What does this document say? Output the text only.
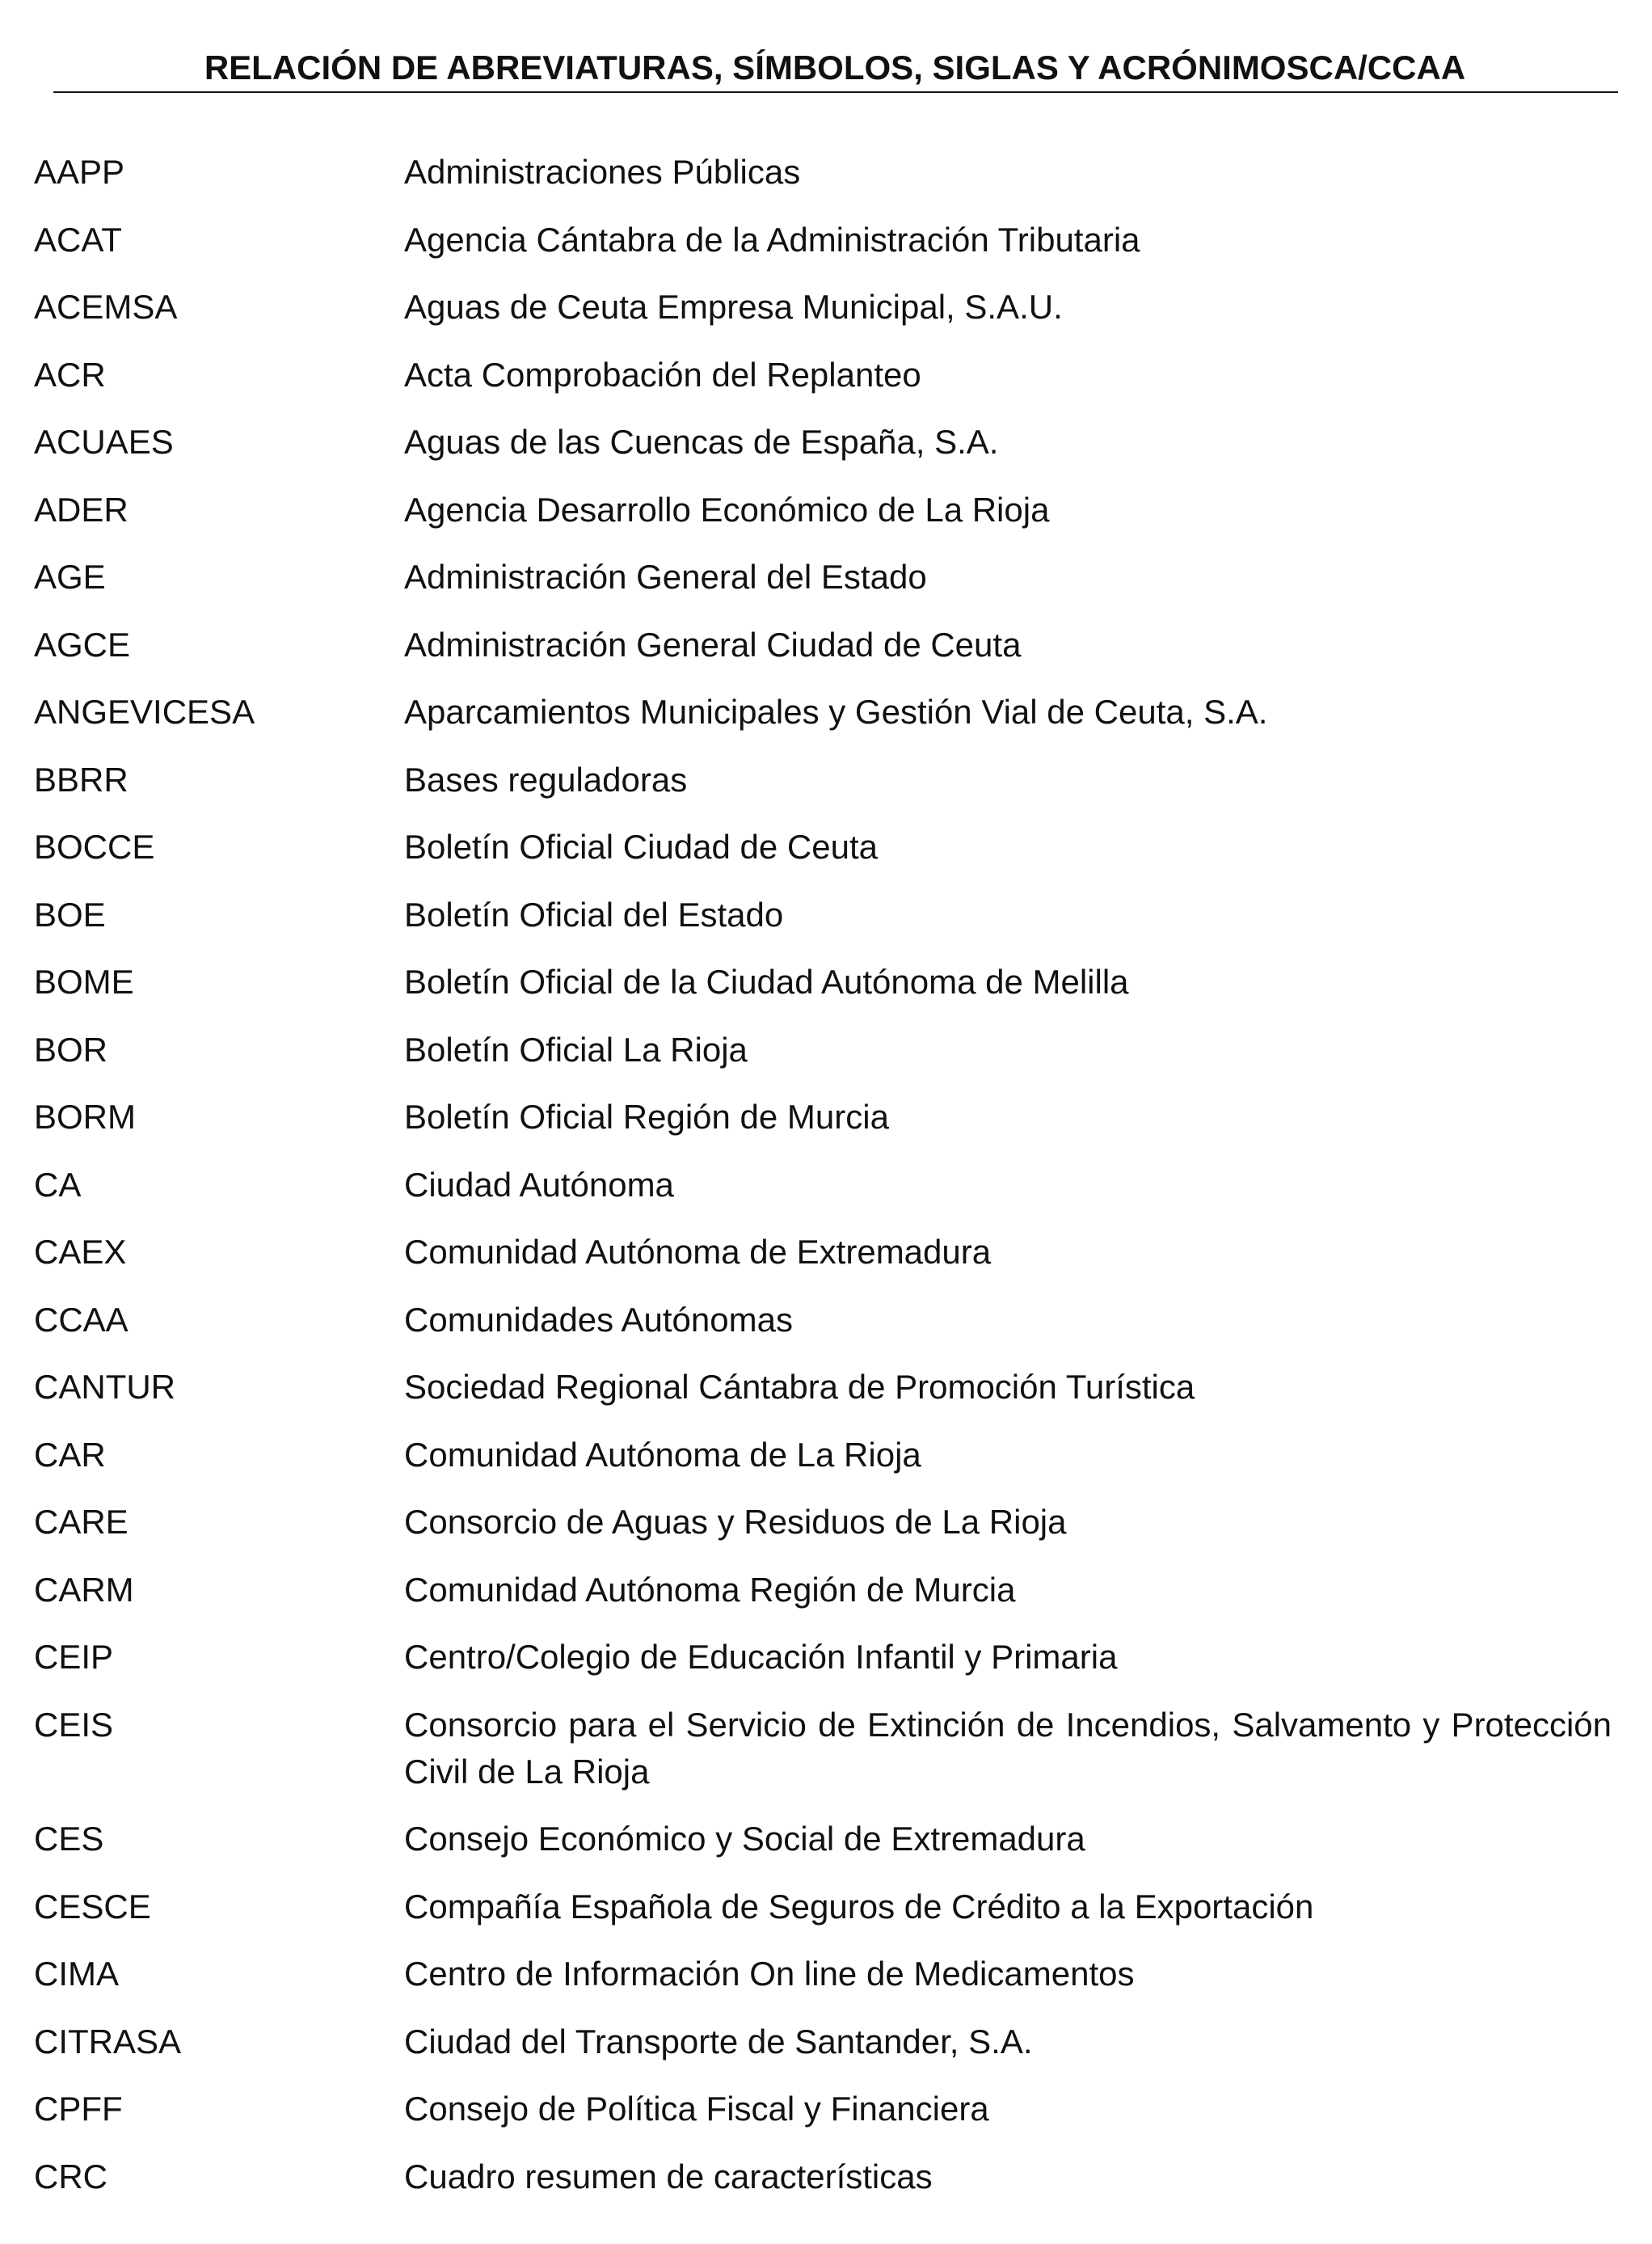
RELACIÓN DE ABREVIATURAS, SÍMBOLOS, SIGLAS Y ACRÓNIMOSCA/CCAA
AAPP	Administraciones Públicas
ACAT	Agencia Cántabra de la Administración Tributaria
ACEMSA	Aguas de Ceuta Empresa Municipal, S.A.U.
ACR	Acta Comprobación del Replanteo
ACUAES	Aguas de las Cuencas de España, S.A.
ADER	Agencia Desarrollo Económico de La Rioja
AGE	Administración General del Estado
AGCE	Administración General Ciudad de Ceuta
ANGEVICESA	Aparcamientos Municipales y Gestión Vial de Ceuta, S.A.
BBRR	Bases reguladoras
BOCCE	Boletín Oficial Ciudad de Ceuta
BOE	Boletín Oficial del Estado
BOME	Boletín Oficial de la Ciudad Autónoma de Melilla
BOR	Boletín Oficial La Rioja
BORM	Boletín Oficial Región de Murcia
CA	Ciudad Autónoma
CAEX	Comunidad Autónoma de Extremadura
CCAA	Comunidades Autónomas
CANTUR	Sociedad Regional Cántabra de Promoción Turística
CAR	Comunidad Autónoma de La Rioja
CARE	Consorcio de Aguas y Residuos de La Rioja
CARM	Comunidad Autónoma Región de Murcia
CEIP	Centro/Colegio de Educación Infantil y Primaria
CEIS	Consorcio para el Servicio de Extinción de Incendios, Salvamento y Protección Civil de La Rioja
CES	Consejo Económico y Social de Extremadura
CESCE	Compañía Española de Seguros de Crédito a la Exportación
CIMA	Centro de Información On line de Medicamentos
CITRASA	Ciudad del Transporte de Santander, S.A.
CPFF	Consejo de Política Fiscal y Financiera
CRC	Cuadro resumen de características
